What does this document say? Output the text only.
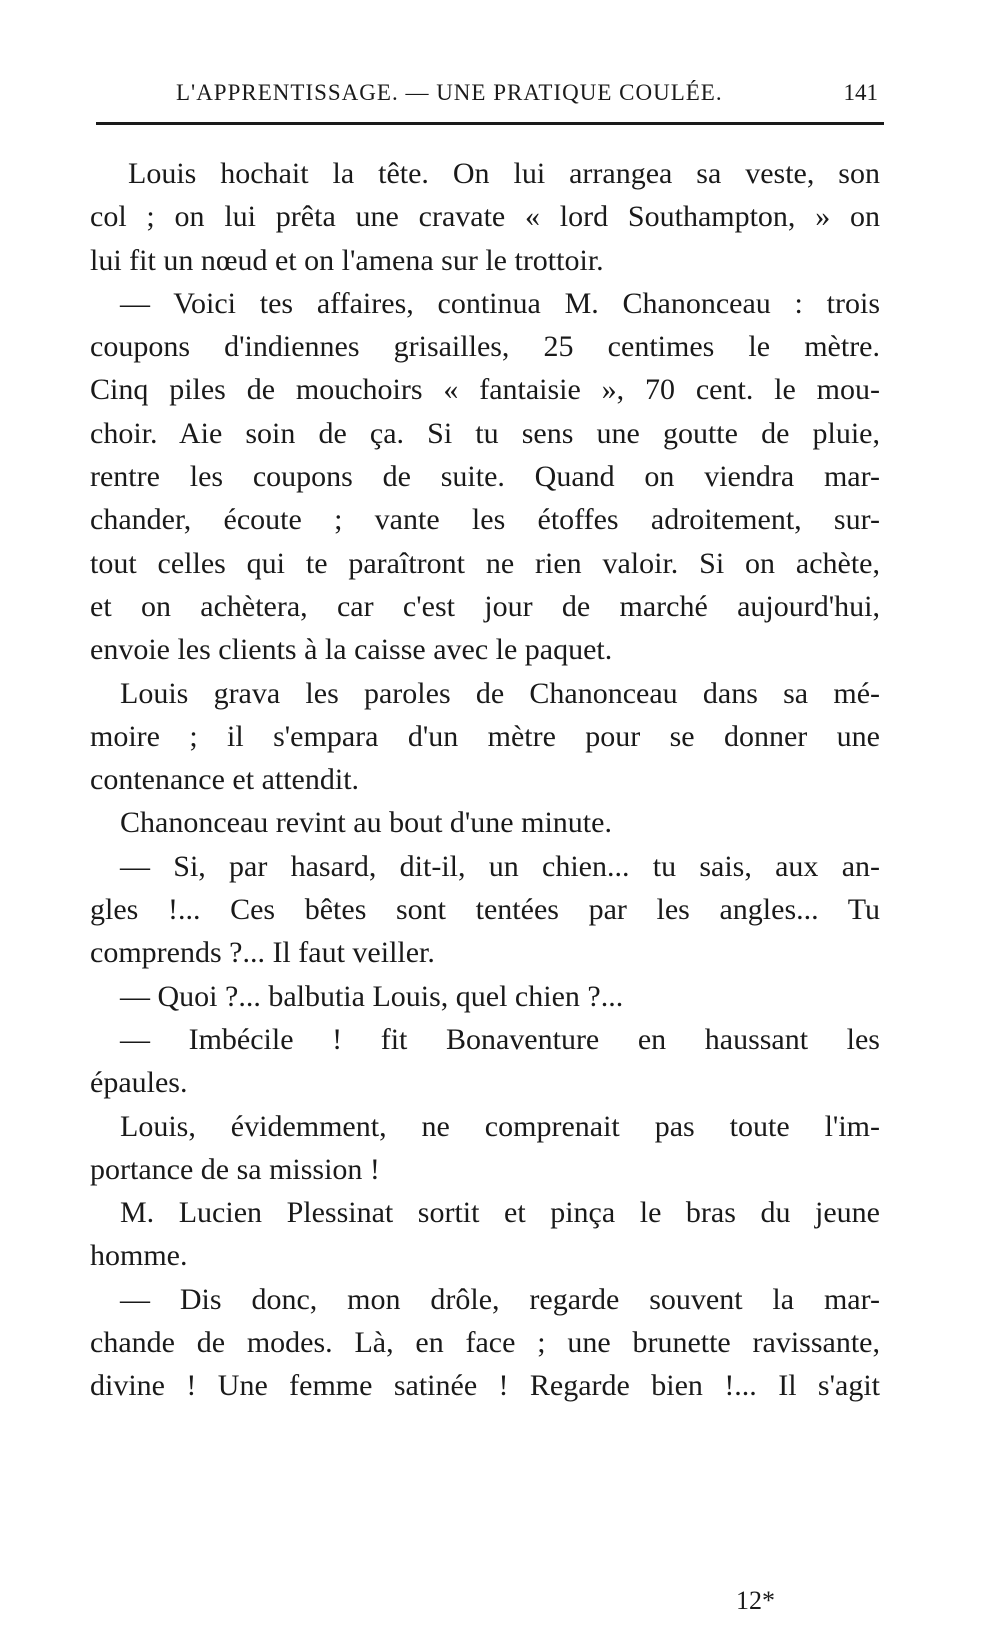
L'APPRENTISSAGE. — UNE PRATIQUE COULÉE.	141
Louis hochait la tête. On lui arrangea sa veste, son
col ; on lui prêta une cravate « lord Southampton, » on
lui fit un nœud et on l'amena sur le trottoir.
— Voici tes affaires, continua M. Chanonceau : trois
coupons d'indiennes grisailles, 25 centimes le mètre.
Cinq piles de mouchoirs « fantaisie », 70 cent. le mou-
choir. Aie soin de ça. Si tu sens une goutte de pluie,
rentre les coupons de suite. Quand on viendra mar-
chander, écoute ; vante les étoffes adroitement, sur-
tout celles qui te paraîtront ne rien valoir. Si on achète,
et on achètera, car c'est jour de marché aujourd'hui,
envoie les clients à la caisse avec le paquet.
Louis grava les paroles de Chanonceau dans sa mé-
moire ; il s'empara d'un mètre pour se donner une
contenance et attendit.
Chanonceau revint au bout d'une minute.
— Si, par hasard, dit-il, un chien... tu sais, aux an-
gles !... Ces bêtes sont tentées par les angles... Tu
comprends ?... Il faut veiller.
— Quoi ?... balbutia Louis, quel chien ?...
— Imbécile ! fit Bonaventure en haussant les
épaules.
Louis, évidemment, ne comprenait pas toute l'im-
portance de sa mission !
M. Lucien Plessinat sortit et pinça le bras du jeune
homme.
— Dis donc, mon drôle, regarde souvent la mar-
chande de modes. Là, en face ; une brunette ravissante,
divine ! Une femme satinée ! Regarde bien !... Il s'agit
12*
